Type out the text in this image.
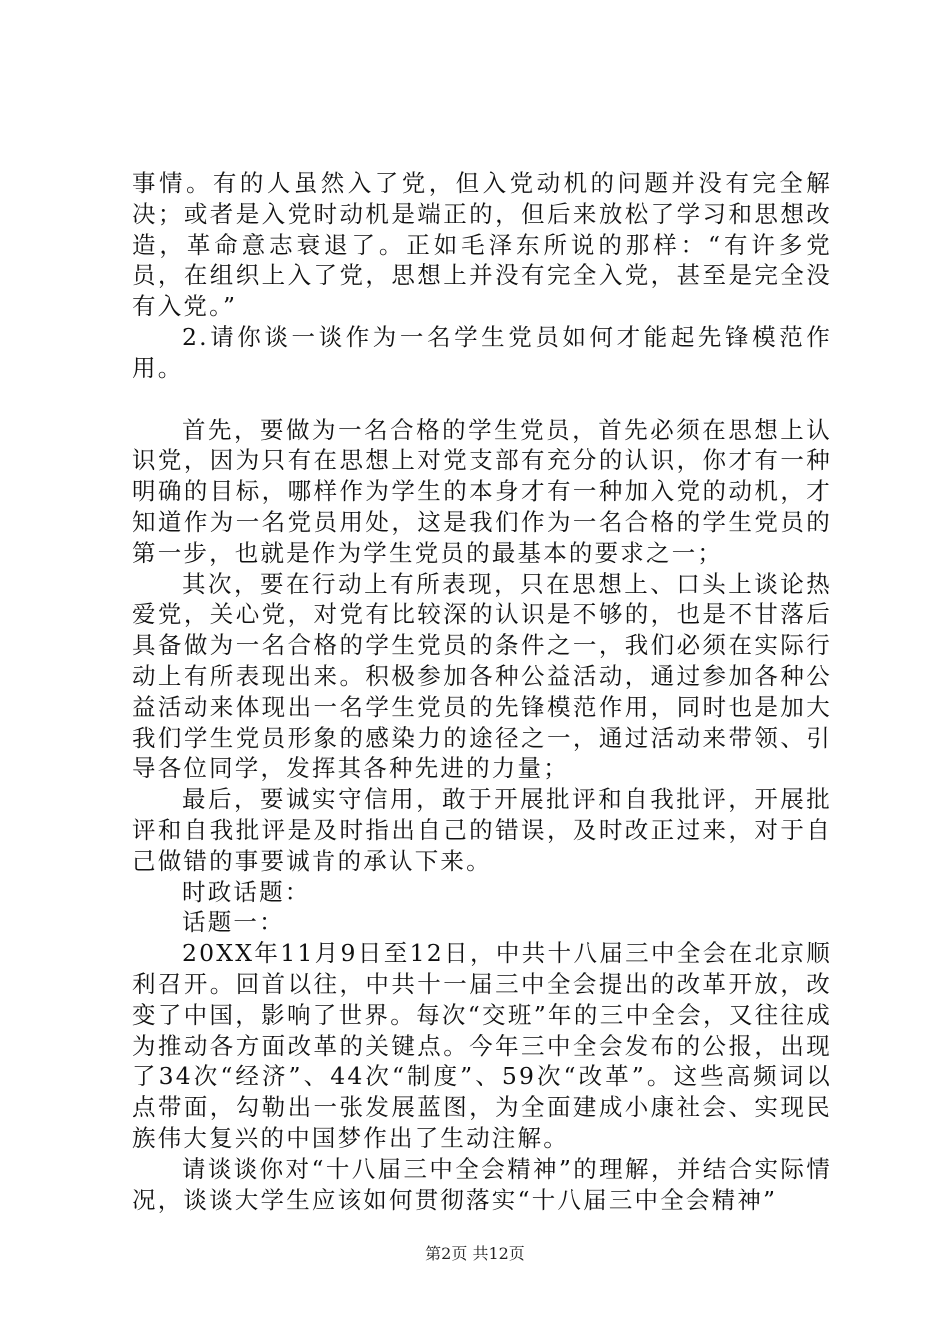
事情。有的人虽然入了党，但入党动机的问题并没有完全解决；或者是入党时动机是端正的，但后来放松了学习和思想改造，革命意志衰退了。正如毛泽东所说的那样：“有许多党员，在组织上入了党，思想上并没有完全入党，甚至是完全没有入党。”

2.请你谈一谈作为一名学生党员如何才能起先锋模范作用。

首先，要做为一名合格的学生党员，首先必须在思想上认识党，因为只有在思想上对党支部有充分的认识，你才有一种明确的目标，哪样作为学生的本身才有一种加入党的动机，才知道作为一名党员用处，这是我们作为一名合格的学生党员的第一步，也就是作为学生党员的最基本的要求之一；

其次，要在行动上有所表现，只在思想上、口头上谈论热爱党，关心党，对党有比较深的认识是不够的，也是不甘落后具备做为一名合格的学生党员的条件之一，我们必须在实际行动上有所表现出来。积极参加各种公益活动，通过参加各种公益活动来体现出一名学生党员的先锋模范作用，同时也是加大我们学生党员形象的感染力的途径之一，通过活动来带领、引导各位同学，发挥其各种先进的力量；

最后，要诚实守信用，敢于开展批评和自我批评，开展批评和自我批评是及时指出自己的错误，及时改正过来，对于自己做错的事要诚肯的承认下来。

时政话题：

话题一：

20XX年11月9日至12日，中共十八届三中全会在北京顺利召开。回首以往，中共十一届三中全会提出的改革开放，改变了中国，影响了世界。每次“交班”年的三中全会，又往往成为推动各方面改革的关键点。今年三中全会发布的公报，出现了34次“经济”、44次“制度”、59次“改革”。这些高频词以点带面，勾勒出一张发展蓝图，为全面建成小康社会、实现民族伟大复兴的中国梦作出了生动注解。

请谈谈你对“十八届三中全会精神”的理解，并结合实际情况，谈谈大学生应该如何贯彻落实“十八届三中全会精神”

第2页 共12页
